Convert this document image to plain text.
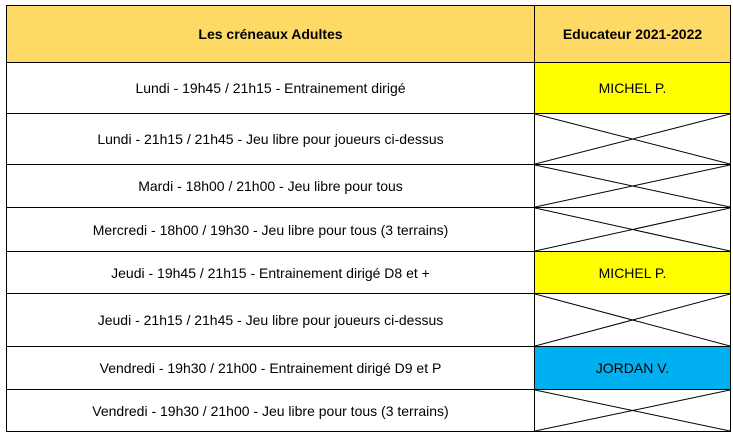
Les créneaux Adultes	Educateur 2021-2022
Lundi - 19h45 / 21h15 - Entrainement dirigé	MICHEL P.
Lundi - 21h15 / 21h45 - Jeu libre pour joueurs ci-dessus	

Mardi - 18h00 / 21h00 - Jeu libre pour tous	

Mercredi - 18h00 / 19h30 - Jeu libre pour tous (3 terrains)	

Jeudi - 19h45 / 21h15 - Entrainement dirigé D8 et +	MICHEL P.
Jeudi - 21h15 / 21h45 - Jeu libre pour joueurs ci-dessus	

Vendredi - 19h30 / 21h00 - Entrainement dirigé D9 et P	JORDAN V.
Vendredi - 19h30 / 21h00 - Jeu libre pour tous (3 terrains)	
